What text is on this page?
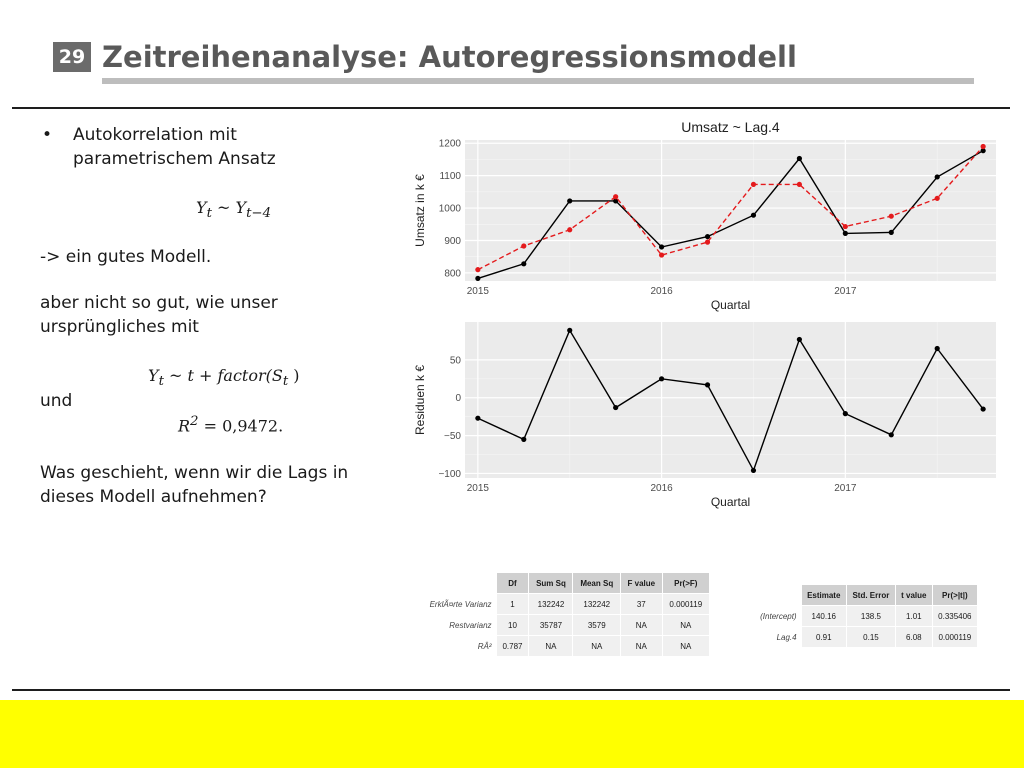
29 Zeitreihenanalyse: Autoregressionsmodell
• Autokorrelation mit
parametrischem Ansatz
$Y_t$ ~ $Y_{t-4}$
-> ein gutes Modell.
aber nicht so gut, wie unser
ursprüngliches mit
$Y_t$ ~ $t + factor(S_t$ )
und
$R^2 = 0,9472$.
Was geschieht, wenn wir die Lags in
dieses Modell aufnehmen?
800
900
1000
1100
1200
2015	2016	2017
Umsatz ~ Lag.4
Quartal
Umsatz in k €
−100
−50
0
50
2015	2016	2017
Quartal
Residuen k €
	Df	Sum Sq	Mean Sq	F value	Pr(>F)
ErklÃ¤rte Varianz	1	132242	132242	37	0.000119
Restvarianz	10	35787	3579	NA	NA
RÂ²	0.787	NA	NA	NA	NA
	Estimate	Std. Error	t value	Pr(>|t|)
(Intercept)	140.16	138.5	1.01	0.335406
Lag.4	0.91	0.15	6.08	0.000119
